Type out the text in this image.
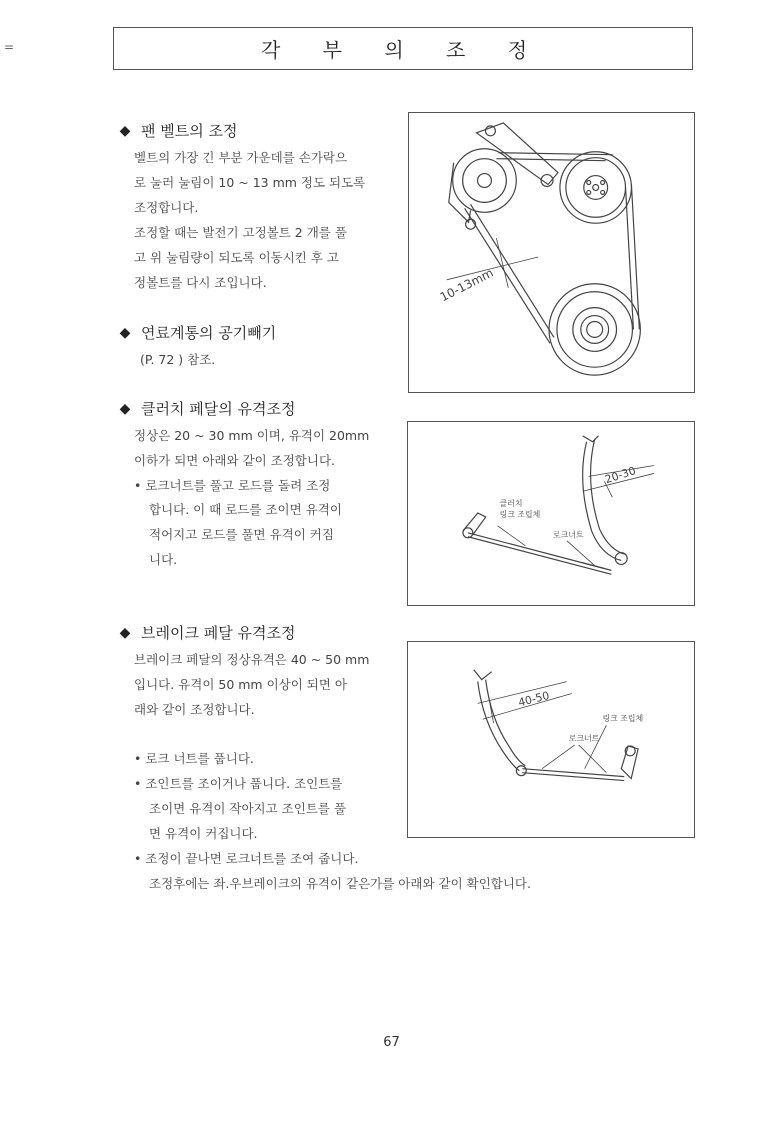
=	각 부 의 조 정
◆ 팬 벨트의 조정
벨트의 가장 긴 부분 가운데를 손가락으
로 눌러 눌림이 10 ~ 13 mm 정도 되도록
조정합니다.
조정할 때는 발전기 고정볼트 2 개를 풀
고 위 눌림량이 되도록 이동시킨 후 고
정볼트를 다시 조입니다.	10-13mm
◆ 연료계통의 공기빼기
(P. 72 ) 참조.
◆ 클러치 페달의 유격조정
정상은 20 ~ 30 mm 이며, 유격이 20mm
이하가 되면 아래와 같이 조정합니다.
• 로크너트를 풀고 로드를 돌려 조정
합니다. 이 때 로드를 조이면 유격이
적어지고 로드를 풀면 유격이 커짐
니다.
20-30
클러치
링크 조립체
로크너트
◆ 브레이크 페달 유격조정
브레이크 페달의 정상유격은 40 ~ 50 mm
입니다. 유격이 50 mm 이상이 되면 아
래와 같이 조정합니다.
• 로크 너트를 풉니다.
• 조인트를 조이거나 풉니다. 조인트를
조이면 유격이 작아지고 조인트를 풀
면 유격이 커집니다.
• 조정이 끝나면 로크너트를 조여 줍니다.
조정후에는 좌.우브레이크의 유격이 같은가를 아래와 같이 확인합니다.
40-50
링크 조립체
로크너트
67
